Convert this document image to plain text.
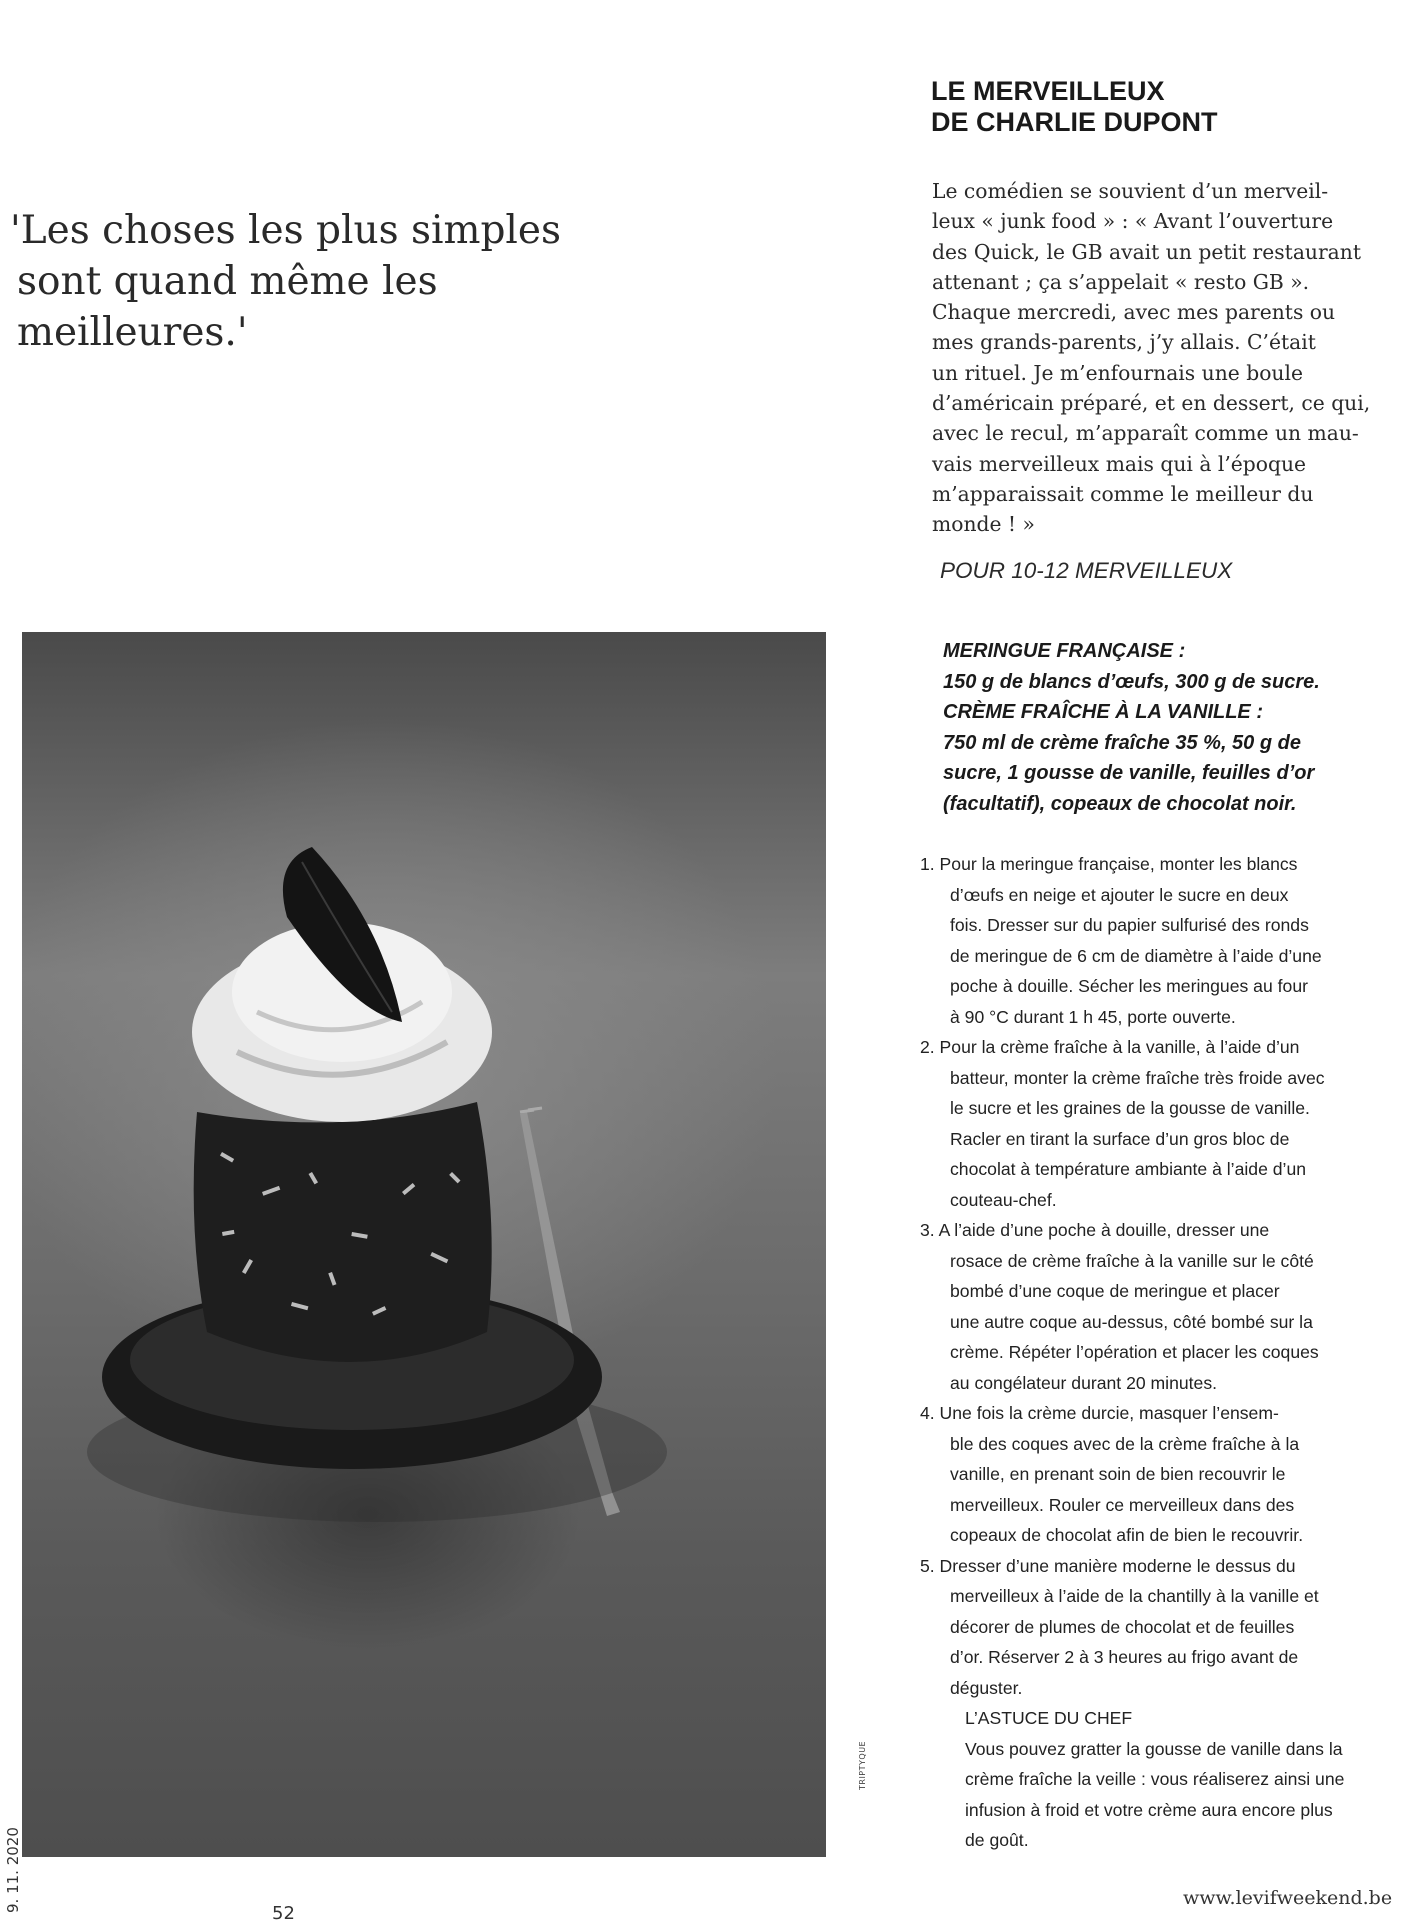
'Les choses les plus simples
sont quand même les
meilleures.'
TRIPTYQUE
LE MERVEILLEUX
DE CHARLIE DUPONT
Le comédien se souvient d’un merveil-
leux « junk food » : « Avant l’ouverture
des Quick, le GB avait un petit restaurant
attenant ; ça s’appelait « resto GB ».
Chaque mercredi, avec mes parents ou
mes grands-parents, j’y allais. C’était
un rituel. Je m’enfournais une boule
d’américain préparé, et en dessert, ce qui,
avec le recul, m’apparaît comme un mau-
vais merveilleux mais qui à l’époque
m’apparaissait comme le meilleur du
monde ! »
POUR 10-12 MERVEILLEUX
MERINGUE FRANÇAISE :
150 g de blancs d’œufs, 300 g de sucre.
CRÈME FRAÎCHE À LA VANILLE :
750 ml de crème fraîche 35 %, 50 g de
sucre, 1 gousse de vanille, feuilles d’or
(facultatif), copeaux de chocolat noir.
1. Pour la meringue française, monter les blancs
d’œufs en neige et ajouter le sucre en deux
fois. Dresser sur du papier sulfurisé des ronds
de meringue de 6 cm de diamètre à l’aide d’une
poche à douille. Sécher les meringues au four
à 90 °C durant 1 h 45, porte ouverte.
2. Pour la crème fraîche à la vanille, à l’aide d’un
batteur, monter la crème fraîche très froide avec
le sucre et les graines de la gousse de vanille.
Racler en tirant la surface d’un gros bloc de
chocolat à température ambiante à l’aide d’un
couteau-chef.
3. A l’aide d’une poche à douille, dresser une
rosace de crème fraîche à la vanille sur le côté
bombé d’une coque de meringue et placer
une autre coque au-dessus, côté bombé sur la
crème. Répéter l’opération et placer les coques
au congélateur durant 20 minutes.
4. Une fois la crème durcie, masquer l’ensem-
ble des coques avec de la crème fraîche à la
vanille, en prenant soin de bien recouvrir le
merveilleux. Rouler ce merveilleux dans des
copeaux de chocolat afin de bien le recouvrir.
5. Dresser d’une manière moderne le dessus du
merveilleux à l’aide de la chantilly à la vanille et
décorer de plumes de chocolat et de feuilles
d’or. Réserver 2 à 3 heures au frigo avant de
déguster.
L’ASTUCE DU CHEF
Vous pouvez gratter la gousse de vanille dans la
crème fraîche la veille : vous réaliserez ainsi une
infusion à froid et votre crème aura encore plus
de goût.
www.levifweekend.be
9. 11. 2020
52
